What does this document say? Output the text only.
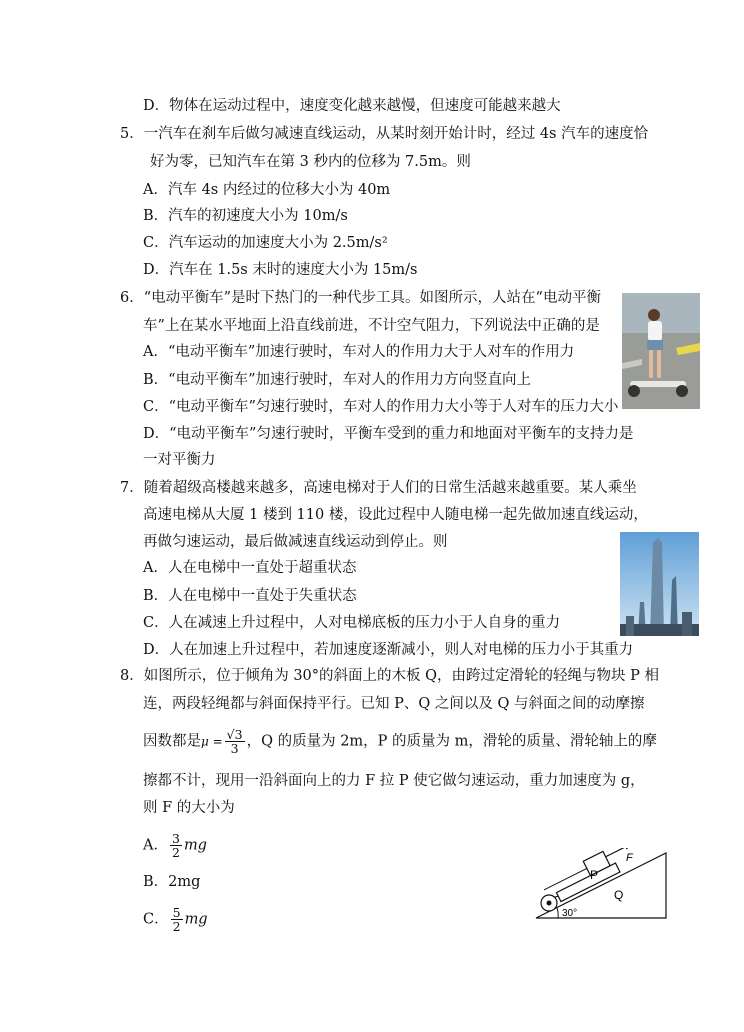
D．物体在运动过程中，速度变化越来越慢，但速度可能越来越大
5．一汽车在刹车后做匀减速直线运动，从某时刻开始计时，经过 4s 汽车的速度恰
好为零，已知汽车在第 3 秒内的位移为 7.5m。则
A．汽车 4s 内经过的位移大小为 40m
B．汽车的初速度大小为 10m/s
C．汽车运动的加速度大小为 2.5m/s²
D．汽车在 1.5s 末时的速度大小为 15m/s
6．“电动平衡车”是时下热门的一种代步工具。如图所示，人站在“电动平衡
车”上在某水平地面上沿直线前进，不计空气阻力，下列说法中正确的是
A．“电动平衡车”加速行驶时，车对人的作用力大于人对车的作用力
B．“电动平衡车”加速行驶时，车对人的作用力方向竖直向上
C．“电动平衡车”匀速行驶时，车对人的作用力大小等于人对车的压力大小
D．“电动平衡车”匀速行驶时，平衡车受到的重力和地面对平衡车的支持力是
一对平衡力
7．随着超级高楼越来越多，高速电梯对于人们的日常生活越来越重要。某人乘坐
高速电梯从大厦 1 楼到 110 楼，设此过程中人随电梯一起先做加速直线运动，
再做匀速运动，最后做减速直线运动到停止。则
A．人在电梯中一直处于超重状态
B．人在电梯中一直处于失重状态
C．人在减速上升过程中，人对电梯底板的压力小于人自身的重力
D．人在加速上升过程中，若加速度逐渐减小，则人对电梯的压力小于其重力
8．如图所示，位于倾角为 30°的斜面上的木板 Q，由跨过定滑轮的轻绳与物块 P 相
连，两段轻绳都与斜面保持平行。已知 P、Q 之间以及 Q 与斜面之间的动摩擦
因数都是$\mu = \frac{√3}{3}$ ，Q 的质量为 2m，P 的质量为 m，滑轮的质量、滑轮轴上的摩
擦都不计，现用一沿斜面向上的力 F 拉 P 使它做匀速运动，重力加速度为 g，
则 F 的大小为
A． $\frac{3}{2}$ mg
B．2mg
C． $\frac{5}{2}$ mg
P
Q
F
30°
